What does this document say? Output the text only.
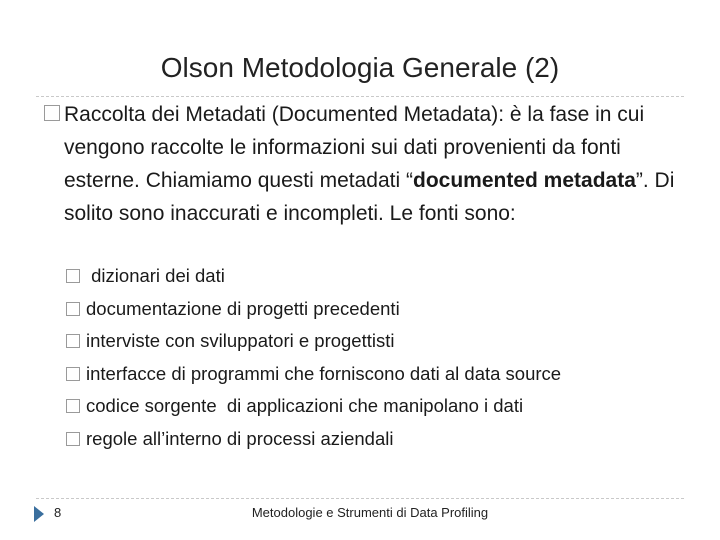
Olson Metodologia Generale (2)
Raccolta dei Metadati (Documented Metadata): è la fase in cui vengono raccolte le informazioni sui dati provenienti da fonti esterne. Chiamiamo questi metadati “documented metadata”. Di solito sono inaccurati e incompleti. Le fonti sono:
dizionari dei dati
documentazione di progetti precedenti
interviste con sviluppatori e progettisti
interfacce di programmi che forniscono dati al data source
codice sorgente  di applicazioni che manipolano i dati
regole all’interno di processi aziendali
8	Metodologie e Strumenti di Data Profiling
